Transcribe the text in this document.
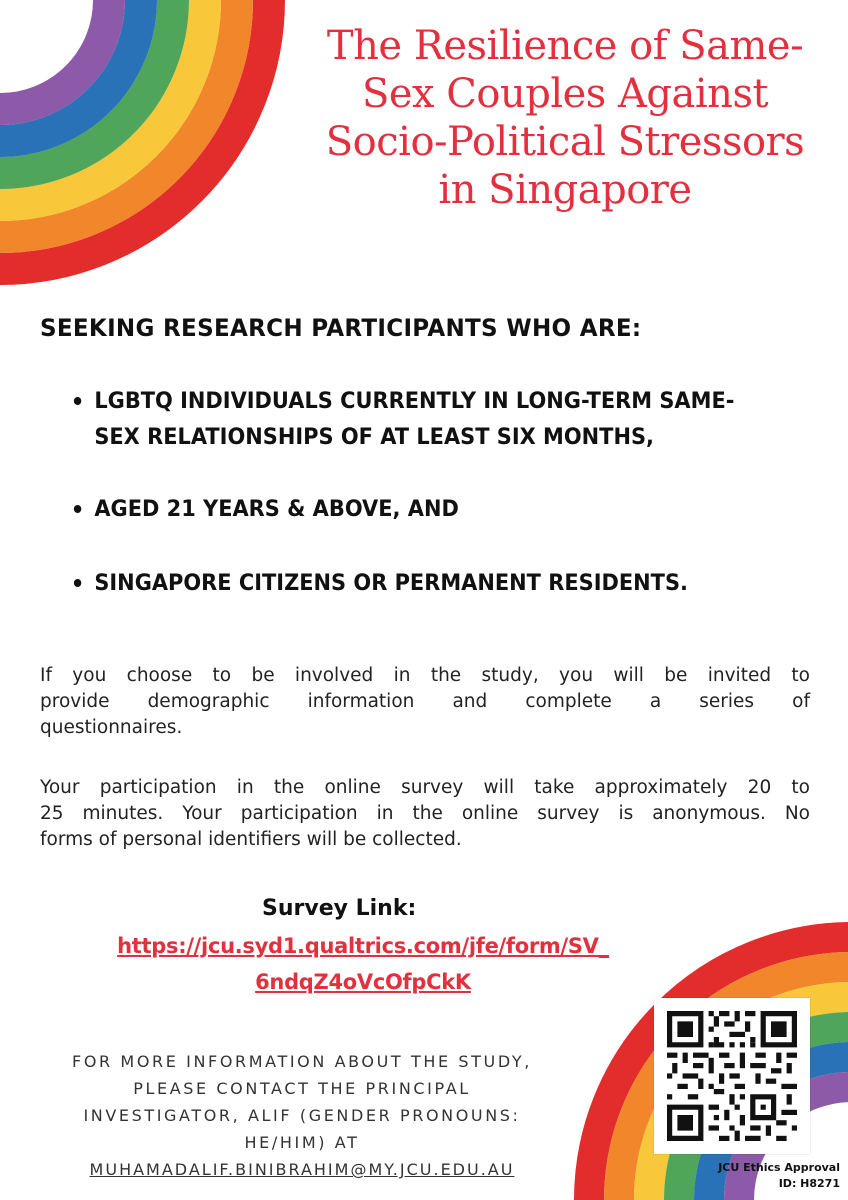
The Resilience of Same-
Sex Couples Against
Socio-Political Stressors
in Singapore
SEEKING RESEARCH PARTICIPANTS WHO ARE:
LGBTQ INDIVIDUALS CURRENTLY IN LONG-TERM SAME-
SEX RELATIONSHIPS OF AT LEAST SIX MONTHS,
AGED 21 YEARS & ABOVE, AND
SINGAPORE CITIZENS OR PERMANENT RESIDENTS.

If you choose to be involved in the study, you will be invited to
provide demographic information and complete a series of
questionnaires.

Your participation in the online survey will take approximately 20 to
25 minutes. Your participation in the online survey is anonymous. No
forms of personal identifiers will be collected.

Survey Link:

https://jcu.syd1.qualtrics.com/jfe/form/SV_
6ndqZ4oVcOfpCkK

FOR MORE INFORMATION ABOUT THE STUDY,
PLEASE CONTACT THE PRINCIPAL
INVESTIGATOR, ALIF (GENDER PRONOUNS:
HE/HIM) AT
MUHAMADALIF.BINIBRAHIM@MY.JCU.EDU.AU	JCU Ethics Approval
ID: H8271
